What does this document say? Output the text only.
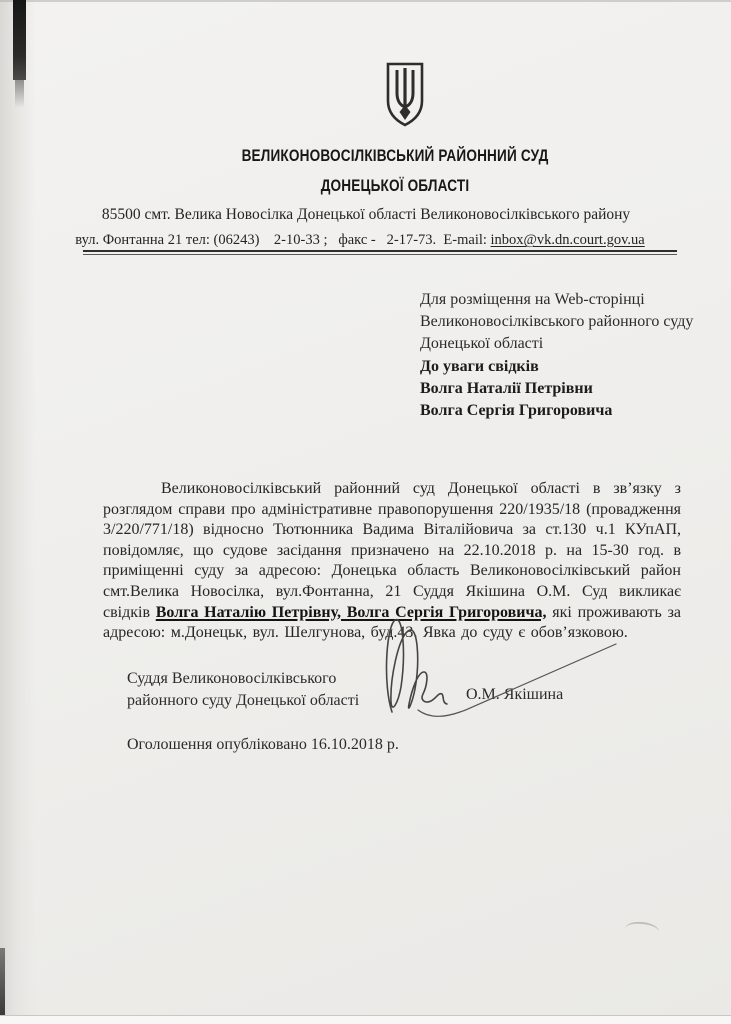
ВЕЛИКОНОВОСІЛКІВСЬКИЙ РАЙОННИЙ СУД
ДОНЕЦЬКОЇ ОБЛАСТІ
85500 смт. Велика Новосілка Донецької області Великоновосілківського району
вул. Фонтанна 21 тел: (06243)    2-10-33 ;   факс -   2-17-73.  E-mail: inbox@vk.dn.court.gov.ua
Для розміщення на Web-сторінці
Великоновосілківського районного суду
Донецької області
До уваги свідків
Волга Наталії Петрівни
Волга Сергія Григоровича

Великоновосілківський районний суд Донецької області в зв’язку з розглядом справи про адміністративне правопорушення 220/1935/18 (провадження 3/220/771/18) відносно Тютюнника Вадима Віталійовича за ст.130 ч.1 КУпАП, повідомляє, що судове засідання призначено на 22.10.2018 р. на 15-30 год. в приміщенні суду за адресою: Донецька область Великоновосілківський район смт.Велика Новосілка, вул.Фонтанна, 21 Суддя Якішина О.М. Суд викликає свідків Волга Наталію Петрівну, Волга Сергія Григоровича, які проживають за адресою: м.Донецьк, вул. Шелгунова, буд.43. Явка до суду є обов’язковою.

Суддя Великоновосілківського
районного суду Донецької області	О.М. Якішина
Оголошення опубліковано 16.10.2018 р.
